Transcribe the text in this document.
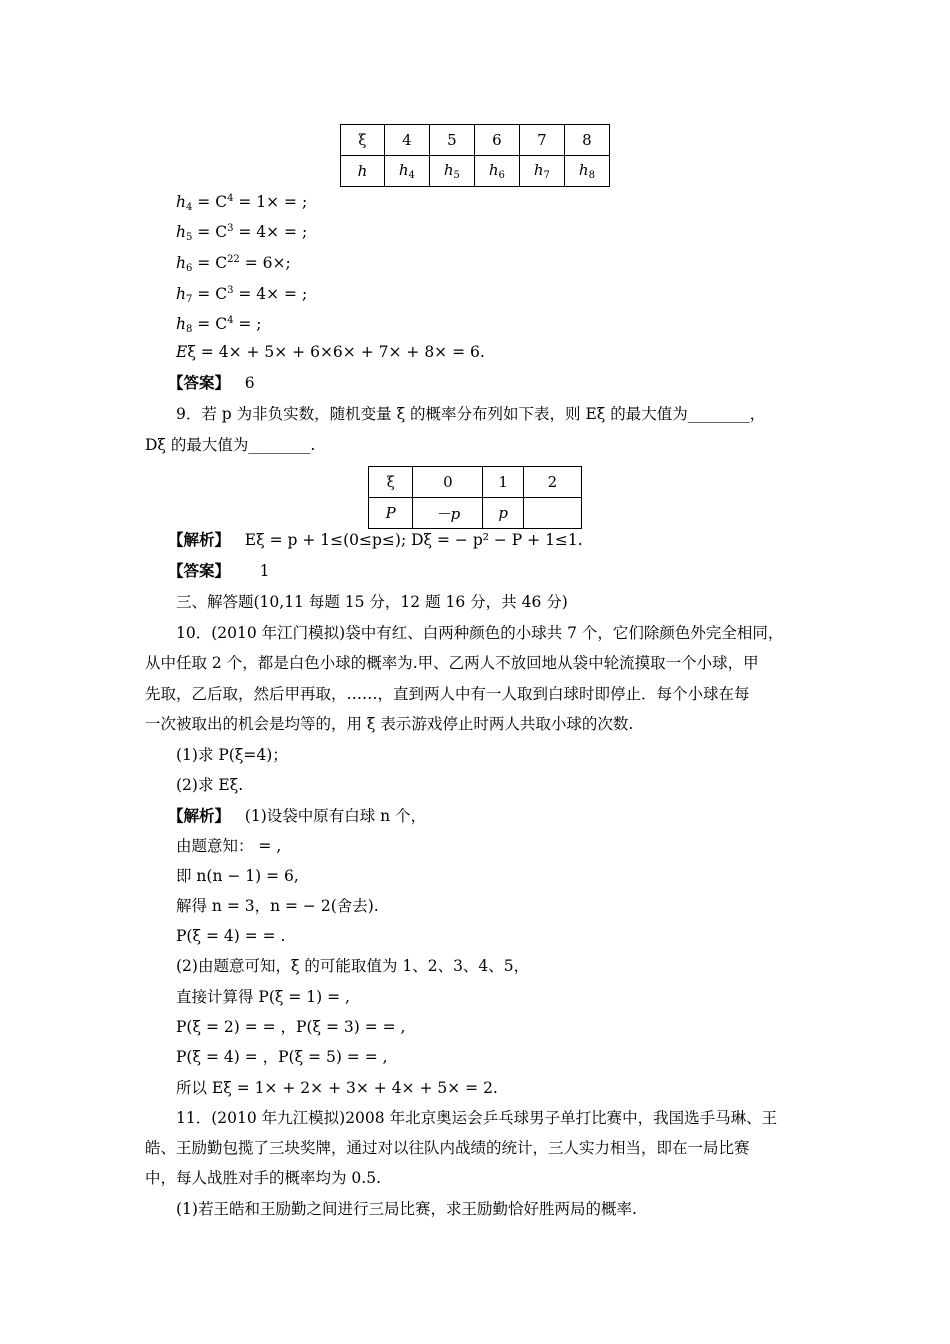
ξ	4	5	6	7	8
h	$h_4$	$h_5$	$h_6$	$h_7$	$h_8$
$h_4 = C^4 = 1\times$ = ;
$h_5 = C^3 = 4\times$ = ;
$h_6 = C^{22} = 6\times$;
$h_7 = C^3 = 4\times$ = ;
$h_8 = C^4$ = ;
Eξ = 4× + 5× + 6×6× + 7× + 8× = 6.
【答案】 6
9．若 p 为非负实数，随机变量 ξ 的概率分布列如下表，则 Eξ 的最大值为________，
Dξ 的最大值为________.
ξ	0	1	2
P	－p	p	
【解析】 Eξ = p + 1≤(0≤p≤); Dξ = − p² − P + 1≤1.
【答案】 1
三、解答题(10,11 每题 15 分，12 题 16 分，共 46 分)
10．(2010 年江门模拟)袋中有红、白两种颜色的小球共 7 个，它们除颜色外完全相同，
从中任取 2 个，都是白色小球的概率为.甲、乙两人不放回地从袋中轮流摸取一个小球，甲
先取，乙后取，然后甲再取，……，直到两人中有一人取到白球时即停止．每个小球在每
一次被取出的机会是均等的，用 ξ 表示游戏停止时两人共取小球的次数.
(1)求 P(ξ=4)；
(2)求 Eξ.
【解析】 (1)设袋中原有白球 n 个，
由题意知： = ,
即 n(n − 1) = 6,
解得 n = 3，n = − 2(舍去).
P(ξ = 4) = = .
(2)由题意可知，ξ 的可能取值为 1、2、3、4、5，
直接计算得 P(ξ = 1) = ,
P(ξ = 2) = = ，P(ξ = 3) = = ,
P(ξ = 4) = ，P(ξ = 5) = = ,
所以 Eξ = 1× + 2× + 3× + 4× + 5× = 2.
11．(2010 年九江模拟)2008 年北京奥运会乒乓球男子单打比赛中，我国选手马琳、王
皓、王励勤包揽了三块奖牌，通过对以往队内战绩的统计，三人实力相当，即在一局比赛
中，每人战胜对手的概率均为 0.5.
(1)若王皓和王励勤之间进行三局比赛，求王励勤恰好胜两局的概率.
